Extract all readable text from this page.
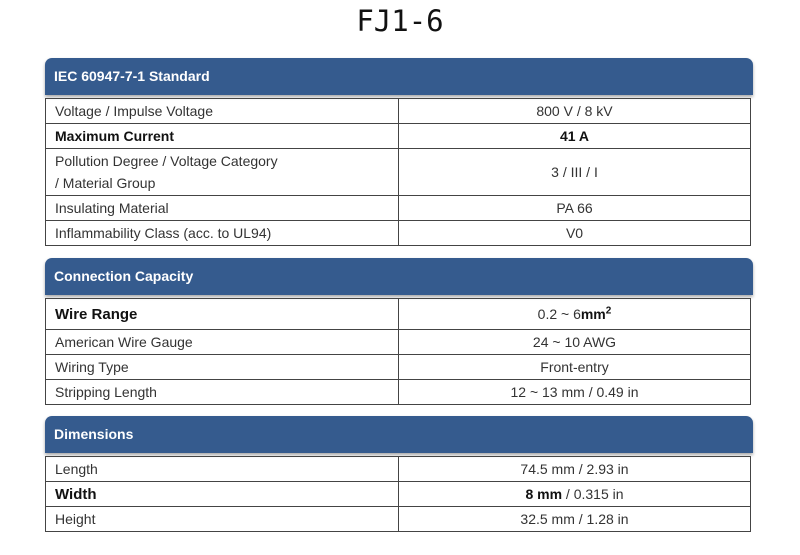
FJ1-6
IEC 60947-7-1 Standard
Voltage / Impulse Voltage	800 V / 8 kV
Maximum Current	41 A

Pollution Degree / Voltage Category
/ Material Group	3 / III / I
Insulating Material	PA 66
Inflammability Class (acc. to UL94)	V0
Connection Capacity
Wire Range	0.2 ~ $6mm^2$
American Wire Gauge	24 ~ 10 AWG
Wiring Type	Front-entry
Stripping Length	12 ~ 13 mm / 0.49 in
Dimensions
Length	74.5 mm / 2.93 in
Width	8 mm / 0.315 in
Height	32.5 mm / 1.28 in
